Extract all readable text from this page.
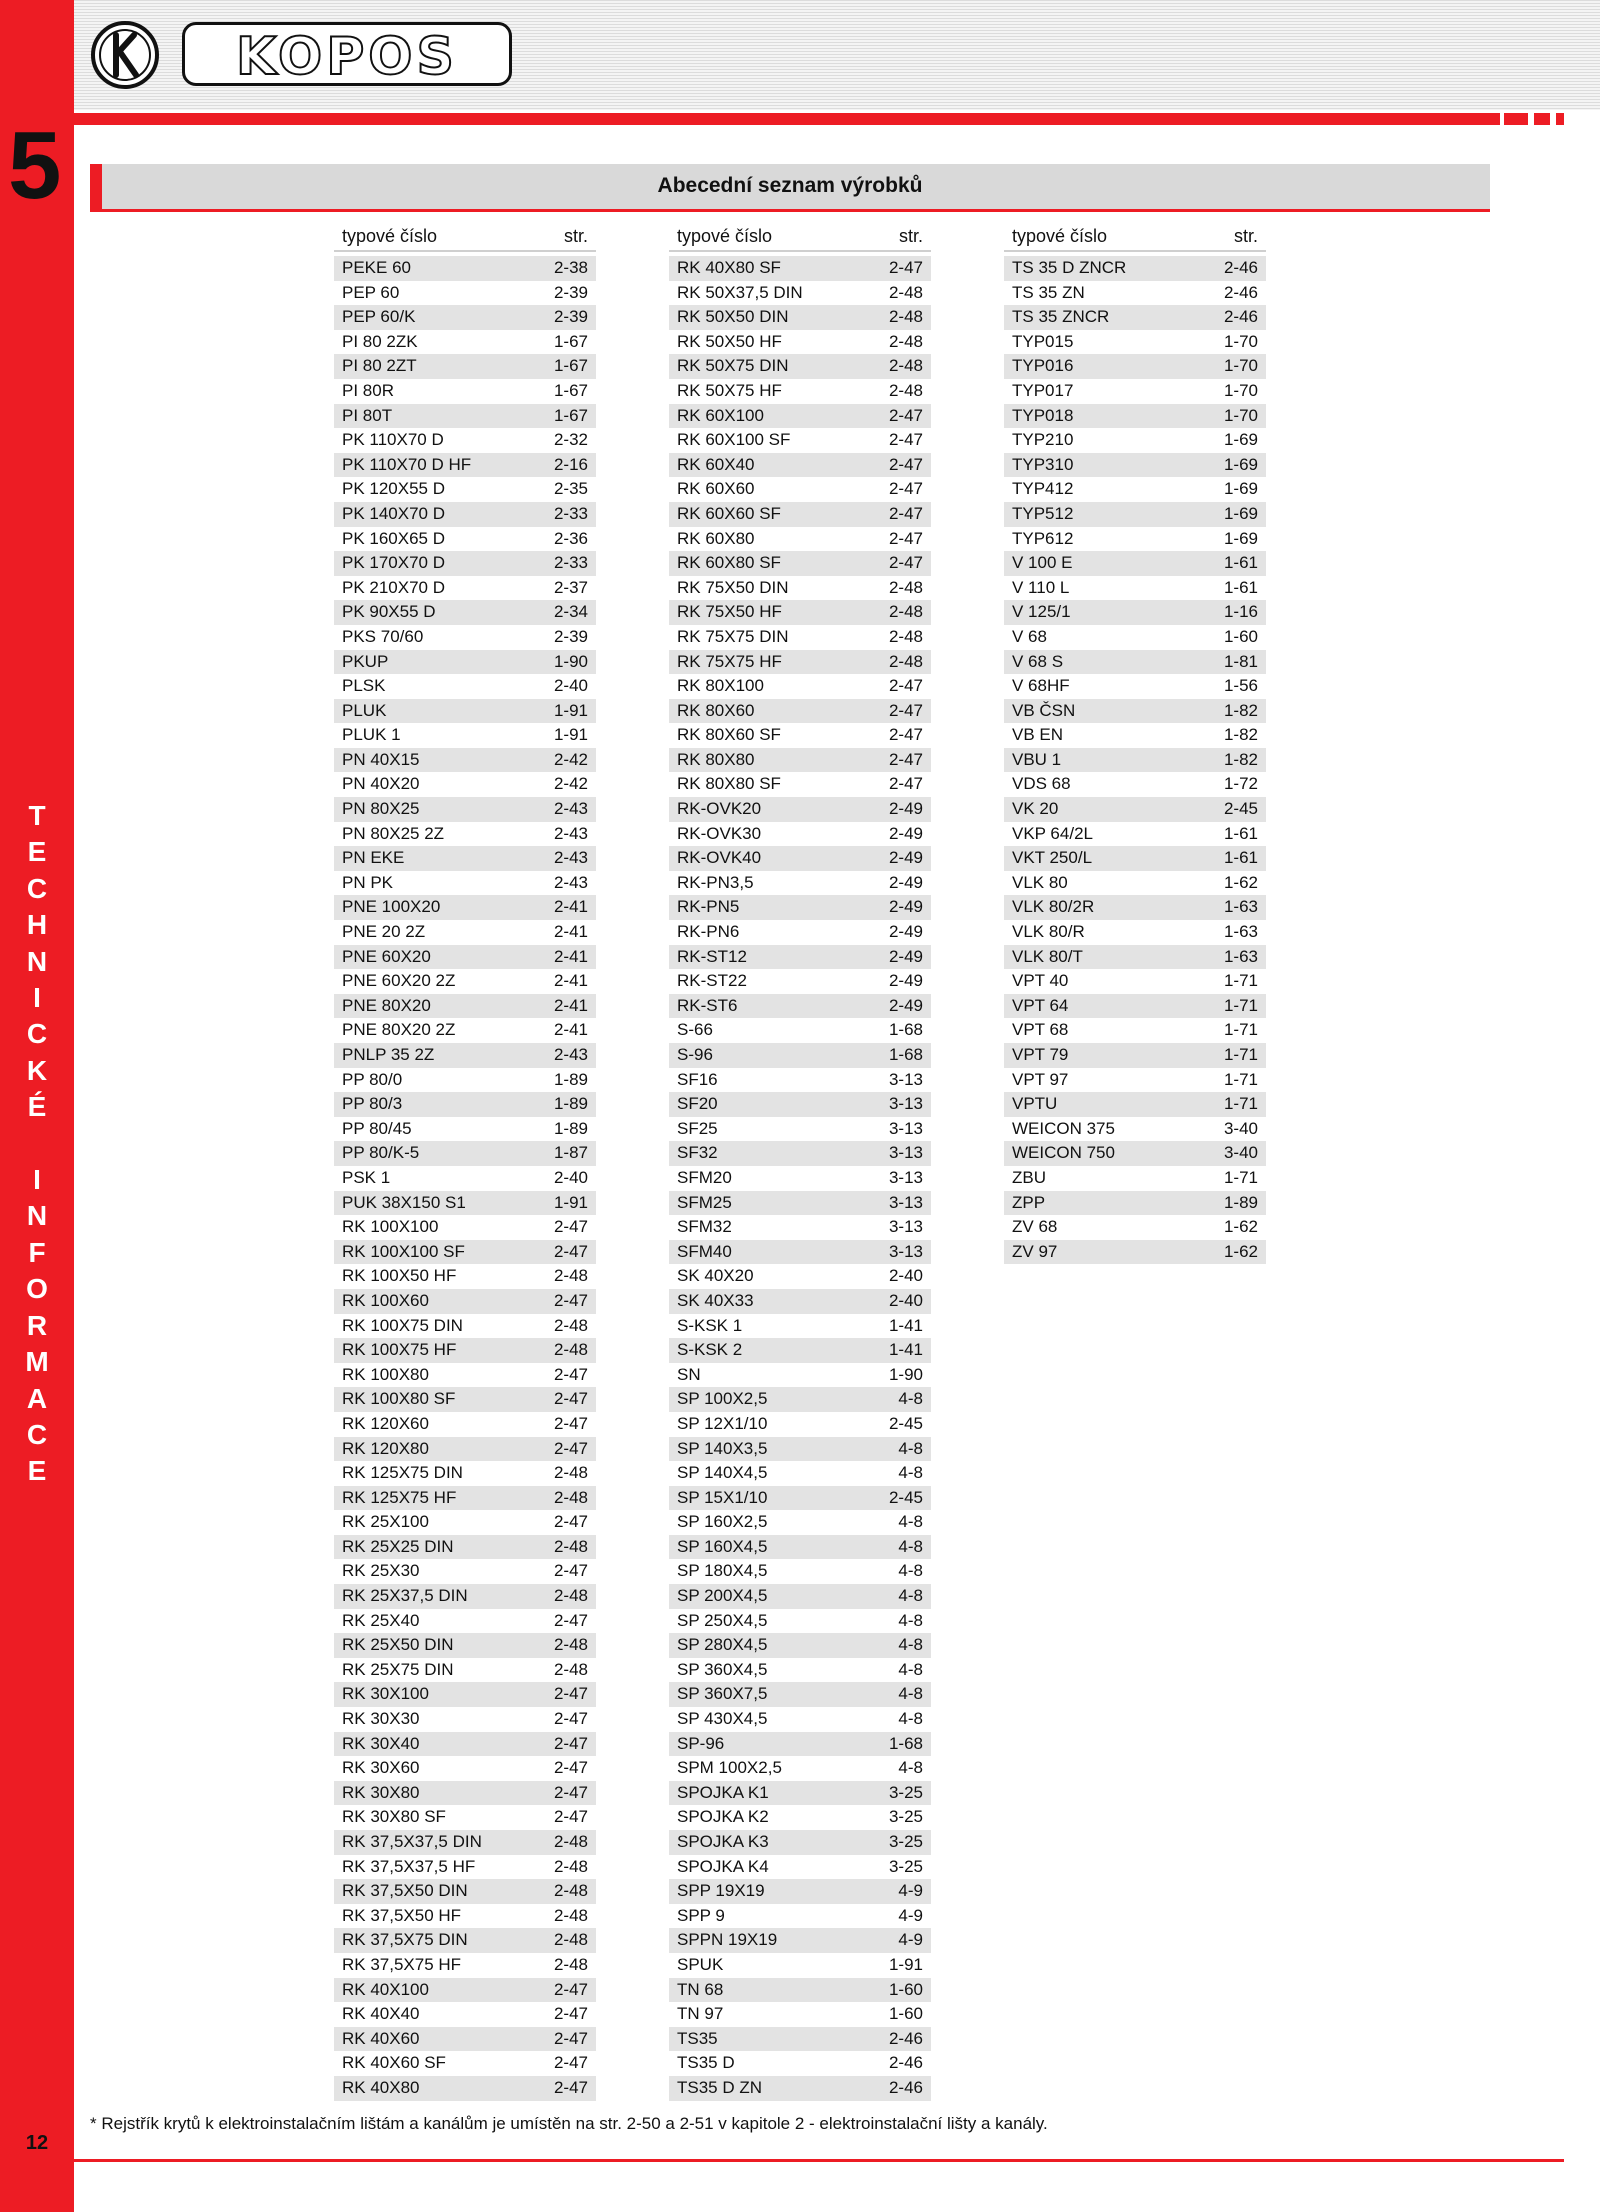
5
T
E
C
H
N
I
C
K
É

I
N
F
O
R
M
A
C
E
12
KOPOS
Abecední seznam výrobků
typové číslo	str.
PEKE 60	2-38
PEP 60	2-39
PEP 60/K	2-39
PI 80 2ZK	1-67
PI 80 2ZT	1-67
PI 80R	1-67
PI 80T	1-67
PK 110X70 D	2-32
PK 110X70 D HF	2-16
PK 120X55 D	2-35
PK 140X70 D	2-33
PK 160X65 D	2-36
PK 170X70 D	2-33
PK 210X70 D	2-37
PK 90X55 D	2-34
PKS 70/60	2-39
PKUP	1-90
PLSK	2-40
PLUK	1-91
PLUK 1	1-91
PN 40X15	2-42
PN 40X20	2-42
PN 80X25	2-43
PN 80X25 2Z	2-43
PN EKE	2-43
PN PK	2-43
PNE 100X20	2-41
PNE 20 2Z	2-41
PNE 60X20	2-41
PNE 60X20 2Z	2-41
PNE 80X20	2-41
PNE 80X20 2Z	2-41
PNLP 35 2Z	2-43
PP 80/0	1-89
PP 80/3	1-89
PP 80/45	1-89
PP 80/K-5	1-87
PSK 1	2-40
PUK 38X150 S1	1-91
RK 100X100	2-47
RK 100X100 SF	2-47
RK 100X50 HF	2-48
RK 100X60	2-47
RK 100X75 DIN	2-48
RK 100X75 HF	2-48
RK 100X80	2-47
RK 100X80 SF	2-47
RK 120X60	2-47
RK 120X80	2-47
RK 125X75 DIN	2-48
RK 125X75 HF	2-48
RK 25X100	2-47
RK 25X25 DIN	2-48
RK 25X30	2-47
RK 25X37,5 DIN	2-48
RK 25X40	2-47
RK 25X50 DIN	2-48
RK 25X75 DIN	2-48
RK 30X100	2-47
RK 30X30	2-47
RK 30X40	2-47
RK 30X60	2-47
RK 30X80	2-47
RK 30X80 SF	2-47
RK 37,5X37,5 DIN	2-48
RK 37,5X37,5 HF	2-48
RK 37,5X50 DIN	2-48
RK 37,5X50 HF	2-48
RK 37,5X75 DIN	2-48
RK 37,5X75 HF	2-48
RK 40X100	2-47
RK 40X40	2-47
RK 40X60	2-47
RK 40X60 SF	2-47
RK 40X80	2-47
typové číslo	str.
RK 40X80 SF	2-47
RK 50X37,5 DIN	2-48
RK 50X50 DIN	2-48
RK 50X50 HF	2-48
RK 50X75 DIN	2-48
RK 50X75 HF	2-48
RK 60X100	2-47
RK 60X100 SF	2-47
RK 60X40	2-47
RK 60X60	2-47
RK 60X60 SF	2-47
RK 60X80	2-47
RK 60X80 SF	2-47
RK 75X50 DIN	2-48
RK 75X50 HF	2-48
RK 75X75 DIN	2-48
RK 75X75 HF	2-48
RK 80X100	2-47
RK 80X60	2-47
RK 80X60 SF	2-47
RK 80X80	2-47
RK 80X80 SF	2-47
RK-OVK20	2-49
RK-OVK30	2-49
RK-OVK40	2-49
RK-PN3,5	2-49
RK-PN5	2-49
RK-PN6	2-49
RK-ST12	2-49
RK-ST22	2-49
RK-ST6	2-49
S-66	1-68
S-96	1-68
SF16	3-13
SF20	3-13
SF25	3-13
SF32	3-13
SFM20	3-13
SFM25	3-13
SFM32	3-13
SFM40	3-13
SK 40X20	2-40
SK 40X33	2-40
S-KSK 1	1-41
S-KSK 2	1-41
SN	1-90
SP 100X2,5	4-8
SP 12X1/10	2-45
SP 140X3,5	4-8
SP 140X4,5	4-8
SP 15X1/10	2-45
SP 160X2,5	4-8
SP 160X4,5	4-8
SP 180X4,5	4-8
SP 200X4,5	4-8
SP 250X4,5	4-8
SP 280X4,5	4-8
SP 360X4,5	4-8
SP 360X7,5	4-8
SP 430X4,5	4-8
SP-96	1-68
SPM 100X2,5	4-8
SPOJKA K1	3-25
SPOJKA K2	3-25
SPOJKA K3	3-25
SPOJKA K4	3-25
SPP 19X19	4-9
SPP 9	4-9
SPPN 19X19	4-9
SPUK	1-91
TN 68	1-60
TN 97	1-60
TS35	2-46
TS35 D	2-46
TS35 D ZN	2-46
typové číslo	str.
TS 35 D ZNCR	2-46
TS 35 ZN	2-46
TS 35 ZNCR	2-46
TYP015	1-70
TYP016	1-70
TYP017	1-70
TYP018	1-70
TYP210	1-69
TYP310	1-69
TYP412	1-69
TYP512	1-69
TYP612	1-69
V 100 E	1-61
V 110 L	1-61
V 125/1	1-16
V 68	1-60
V 68 S	1-81
V 68HF	1-56
VB ČSN	1-82
VB EN	1-82
VBU 1	1-82
VDS 68	1-72
VK 20	2-45
VKP 64/2L	1-61
VKT 250/L	1-61
VLK 80	1-62
VLK 80/2R	1-63
VLK 80/R	1-63
VLK 80/T	1-63
VPT 40	1-71
VPT 64	1-71
VPT 68	1-71
VPT 79	1-71
VPT 97	1-71
VPTU	1-71
WEICON 375	3-40
WEICON 750	3-40
ZBU	1-71
ZPP	1-89
ZV 68	1-62
ZV 97	1-62
* Rejstřík krytů k elektroinstalačním lištám a kanálům je umístěn na str. 2-50 a 2-51 v kapitole 2 - elektroinstalační lišty a kanály.
